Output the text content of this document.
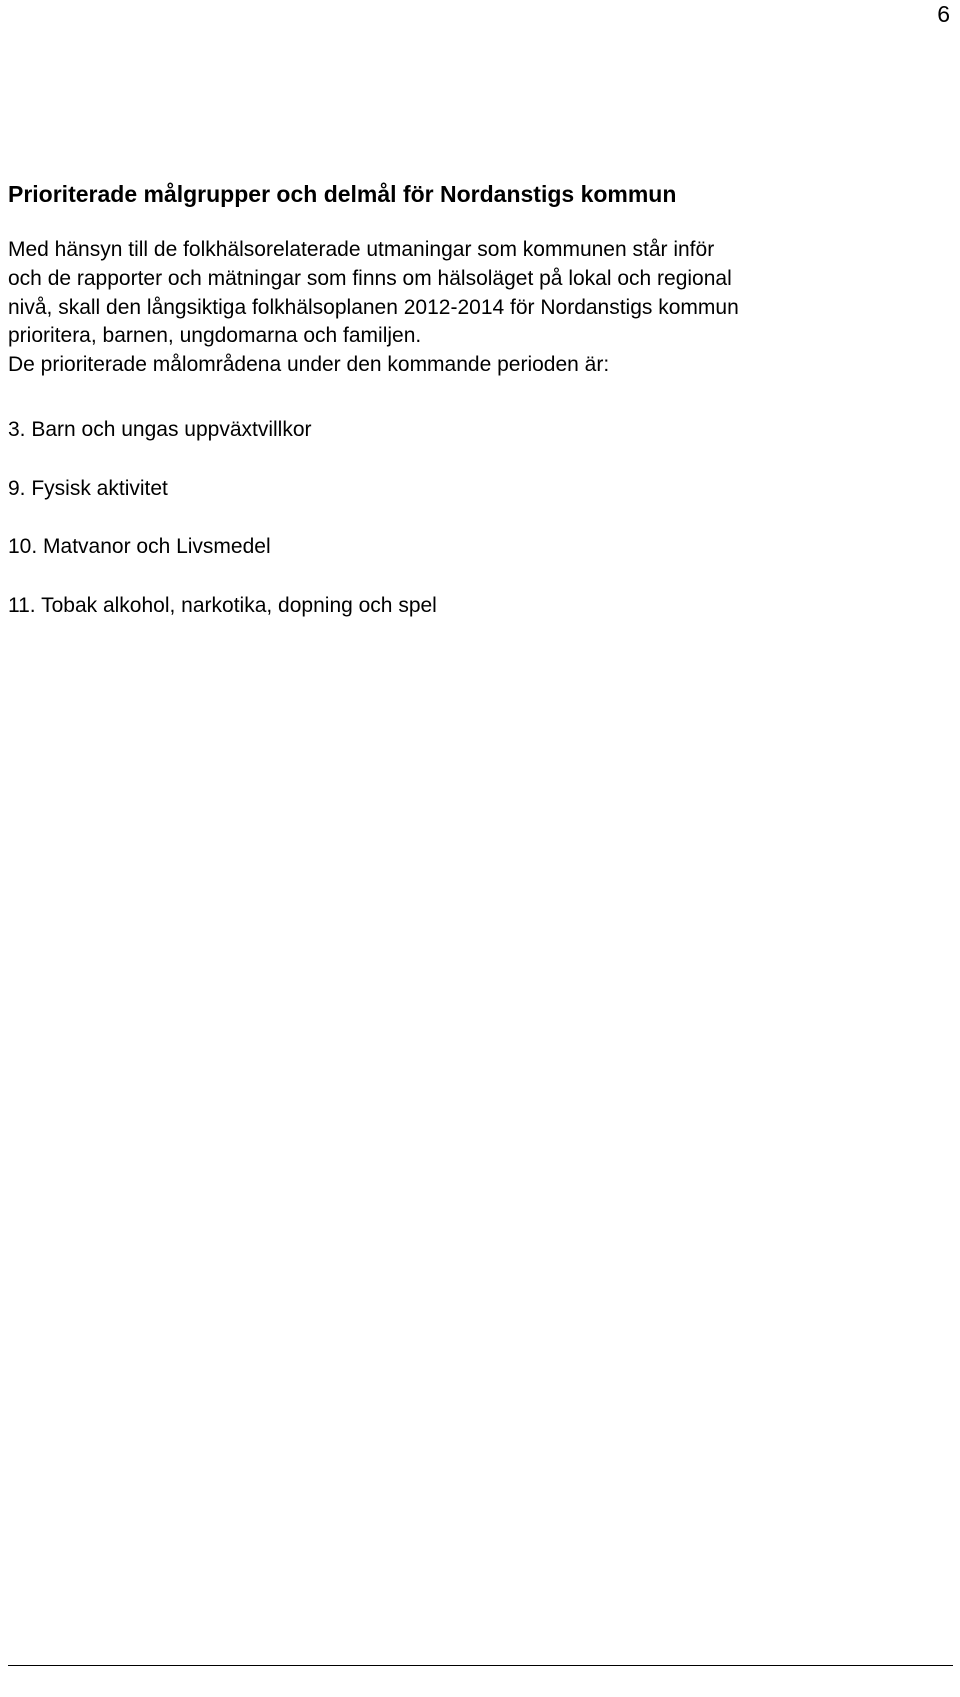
6
Prioriterade målgrupper och delmål för Nordanstigs kommun
Med hänsyn till de folkhälsorelaterade utmaningar som kommunen står inför
och de rapporter och mätningar som finns om hälsoläget på lokal och regional
nivå, skall den långsiktiga folkhälsoplanen 2012-2014 för Nordanstigs kommun
prioritera, barnen, ungdomarna och familjen.
De prioriterade målområdena under den kommande perioden är:
3. Barn och ungas uppväxtvillkor
9. Fysisk aktivitet
10. Matvanor och Livsmedel
11. Tobak alkohol, narkotika, dopning och spel
